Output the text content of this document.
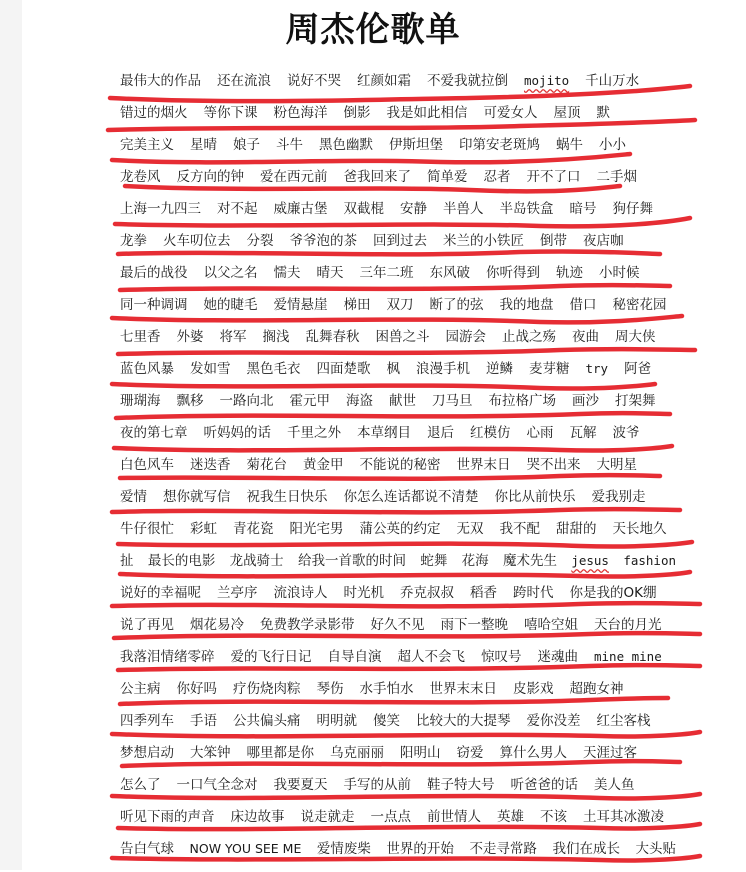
周杰伦歌单
最伟大的作品 还在流浪 说好不哭 红颜如霜 不爱我就拉倒 mojito 千山万水
错过的烟火 等你下课 粉色海洋 倒影 我是如此相信 可爱女人 屋顶 默
完美主义 星晴 娘子 斗牛 黑色幽默 伊斯坦堡 印第安老斑鸠 蜗牛 小小
龙卷风 反方向的钟 爱在西元前 爸我回来了 简单爱 忍者 开不了口 二手烟
上海一九四三 对不起 威廉古堡 双截棍 安静 半兽人 半岛铁盒 暗号 狗仔舞
龙拳 火车叨位去 分裂 爷爷泡的茶 回到过去 米兰的小铁匠 倒带 夜店咖
最后的战役 以父之名 懦夫 晴天 三年二班 东风破 你听得到 轨迹 小时候
同一种调调 她的睫毛 爱情悬崖 梯田 双刀 断了的弦 我的地盘 借口 秘密花园
七里香 外婆 将军 搁浅 乱舞春秋 困兽之斗 园游会 止战之殇 夜曲 周大侠
蓝色风暴 发如雪 黑色毛衣 四面楚歌 枫 浪漫手机 逆鳞 麦芽糖 try 阿爸
珊瑚海 飘移 一路向北 霍元甲 海盗 献世 刀马旦 布拉格广场 画沙 打架舞
夜的第七章 听妈妈的话 千里之外 本草纲目 退后 红模仿 心雨 瓦解 波爷
白色风车 迷迭香 菊花台 黄金甲 不能说的秘密 世界末日 哭不出来 大明星
爱情 想你就写信 祝我生日快乐 你怎么连话都说不清楚 你比从前快乐 爱我别走
牛仔很忙 彩虹 青花瓷 阳光宅男 蒲公英的约定 无双 我不配 甜甜的 天长地久
扯 最长的电影 龙战骑士 给我一首歌的时间 蛇舞 花海 魔术先生 jesus fashion
说好的幸福呢 兰亭序 流浪诗人 时光机 乔克叔叔 稻香 跨时代 你是我的OK绷
说了再见 烟花易冷 免费教学录影带 好久不见 雨下一整晚 嘻哈空姐 天台的月光
我落泪情绪零碎 爱的飞行日记 自导自演 超人不会飞 惊叹号 迷魂曲 mine mine
公主病 你好吗 疗伤烧肉粽 琴伤 水手怕水 世界末末日 皮影戏 超跑女神
四季列车 手语 公共偏头痛 明明就 傻笑 比较大的大提琴 爱你没差 红尘客栈
梦想启动 大笨钟 哪里都是你 乌克丽丽 阳明山 窃爱 算什么男人 天涯过客
怎么了 一口气全念对 我要夏天 手写的从前 鞋子特大号 听爸爸的话 美人鱼
听见下雨的声音 床边故事 说走就走 一点点 前世情人 英雄 不该 土耳其冰激凌
告白气球 NOW YOU SEE ME 爱情废柴 世界的开始 不走寻常路 我们在成长 大头贴
